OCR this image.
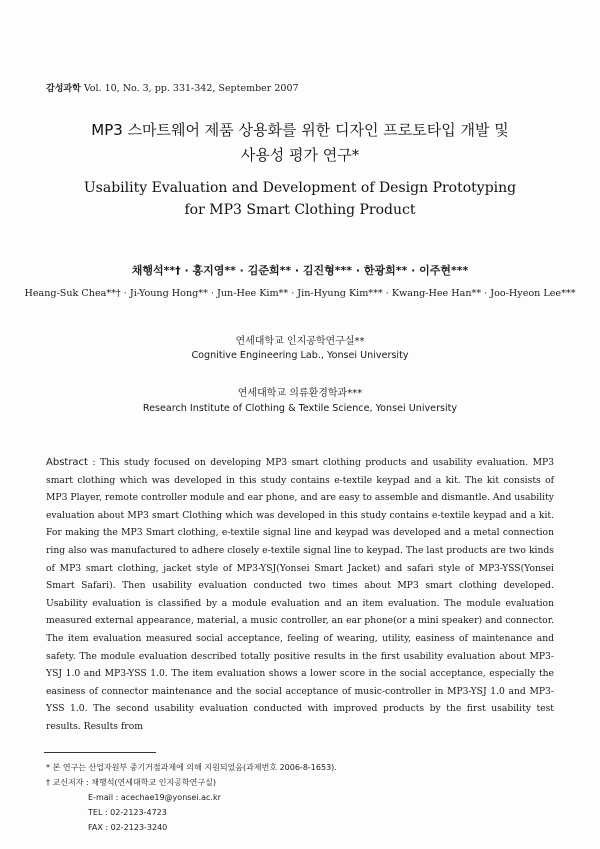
감성과학 Vol. 10, No. 3, pp. 331-342, September 2007
MP3 스마트웨어 제품 상용화를 위한 디자인 프로토타입 개발 및
사용성 평가 연구*
Usability Evaluation and Development of Design Prototyping
for MP3 Smart Clothing Product
채행석**† · 홍지영** · 김준희** · 김진형*** · 한광희** · 이주현***
Heang-Suk Chea**† · Ji-Young Hong** · Jun-Hee Kim** · Jin-Hyung Kim*** · Kwang-Hee Han** · Joo-Hyeon Lee***
연세대학교 인지공학연구실**
Cognitive Engineering Lab., Yonsei University
연세대학교 의류환경학과***
Research Institute of Clothing & Textile Science, Yonsei University

Abstract : This study focused on developing MP3 smart clothing products and usability evaluation. MP3 smart clothing which was developed in this study contains e-textile keypad and a kit. The kit consists of MP3 Player, remote controller module and ear phone, and are easy to assemble and dismantle. And usability evaluation about MP3 smart Clothing which was developed in this study contains e-textile keypad and a kit. For making the MP3 Smart clothing, e-textile signal line and keypad was developed and a metal connection ring also was manufactured to adhere closely e-textile signal line to keypad. The last products are two kinds of MP3 smart clothing, jacket style of MP3-YSJ(Yonsei Smart Jacket) and safari style of MP3-YSS(Yonsei Smart Safari). Then usability evaluation conducted two times about MP3 smart clothing developed. Usability evaluation is classified by a module evaluation and an item evaluation. The module evaluation measured external appearance, material, a music controller, an ear phone(or a mini speaker) and connector. The item evaluation measured social acceptance, feeling of wearing, utility, easiness of maintenance and safety. The module evaluation described totally positive results in the first usability evaluation about MP3-YSJ 1.0 and MP3-YSS 1.0. The item evaluation shows a lower score in the social acceptance, especially the easiness of connector maintenance and the social acceptance of music-controller in MP3-YSJ 1.0 and MP3-YSS 1.0. The second usability evaluation conducted with improved products by the first usability test results. Results from

* 본 연구는 산업자원부 중기거점과제에 의해 지원되었음(과제번호 2006-8-1653).
† 교신저자 : 채행석(연세대학교 인지공학연구실)
E-mail : acechae19@yonsei.ac.kr
TEL : 02-2123-4723
FAX : 02-2123-3240
